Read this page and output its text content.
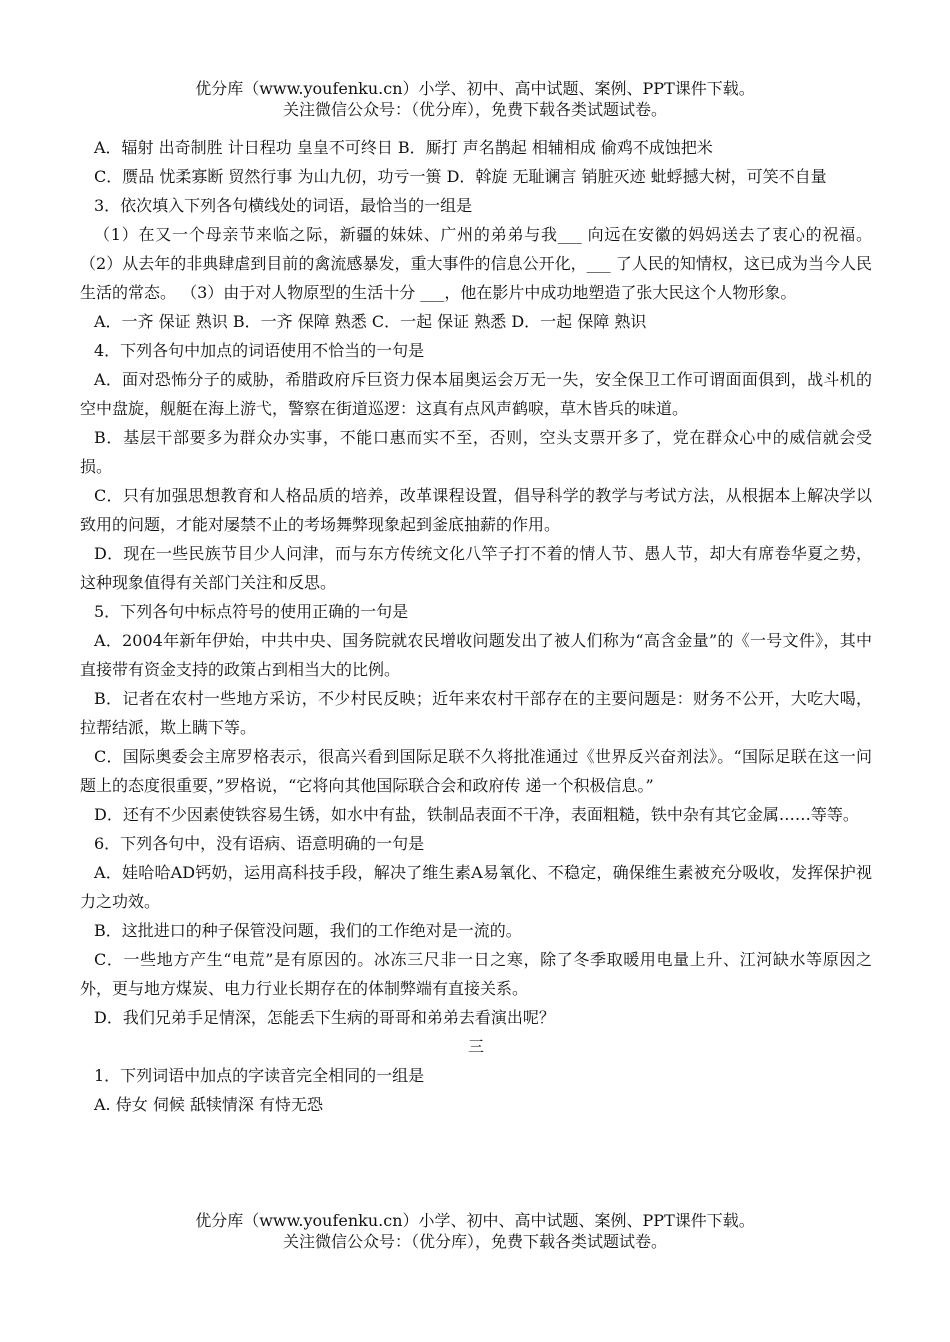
优分库（www.youfenku.cn）小学、初中、高中试题、案例、PPT课件下载。
关注微信公众号：（优分库），免费下载各类试题试卷。

A．辐射 出奇制胜 计日程功 皇皇不可终日 B．厮打 声名鹊起 相辅相成 偷鸡不成蚀把米

C．赝品 忧柔寡断 贸然行事 为山九仞，功亏一篑 D．斡旋 无耻谰言 销脏灭迹 蚍蜉撼大树，可笑不自量

3．依次填入下列各句横线处的词语，最恰当的一组是

（1）在又一个母亲节来临之际，新疆的妹妹、广州的弟弟与我___ 向远在安徽的妈妈送去了衷心的祝福。 （2）从去年的非典肆虐到目前的禽流感暴发，重大事件的信息公开化，___ 了人民的知情权，这已成为当今人民生活的常态。 （3）由于对人物原型的生活十分 ___，他在影片中成功地塑造了张大民这个人物形象。

A．一齐 保证 熟识 B．一齐 保障 熟悉 C．一起 保证 熟悉 D．一起 保障 熟识

4．下列各句中加点的词语使用不恰当的一句是

A．面对恐怖分子的威胁，希腊政府斥巨资力保本届奥运会万无一失，安全保卫工作可谓面面俱到，战斗机的空中盘旋，舰艇在海上游弋，警察在街道巡逻：这真有点风声鹤唳，草木皆兵的味道。

B．基层干部要多为群众办实事，不能口惠而实不至，否则，空头支票开多了，党在群众心中的威信就会受损。

C．只有加强思想教育和人格品质的培养，改革课程设置，倡导科学的教学与考试方法，从根据本上解决学以致用的问题，才能对屡禁不止的考场舞弊现象起到釜底抽薪的作用。

D．现在一些民族节目少人问津，而与东方传统文化八竿子打不着的情人节、愚人节，却大有席卷华夏之势，这种现象值得有关部门关注和反思。

5．下列各句中标点符号的使用正确的一句是

A．2004年新年伊始，中共中央、国务院就农民增收问题发出了被人们称为“高含金量”的《一号文件》，其中直接带有资金支持的政策占到相当大的比例。

B．记者在农村一些地方采访，不少村民反映；近年来农村干部存在的主要问题是：财务不公开，大吃大喝，拉帮结派，欺上瞒下等。

C．国际奥委会主席罗格表示，很高兴看到国际足联不久将批准通过《世界反兴奋剂法》。“国际足联在这一问题上的态度很重要，”罗格说，“它将向其他国际联合会和政府传 递一个积极信息。”

D．还有不少因素使铁容易生锈，如水中有盐，铁制品表面不干净，表面粗糙，铁中杂有其它金属……等等。

6．下列各句中，没有语病、语意明确的一句是

A．娃哈哈AD钙奶，运用高科技手段，解决了维生素A易氧化、不稳定，确保维生素被充分吸收，发挥保护视力之功效。

B．这批进口的种子保管没问题，我们的工作绝对是一流的。

C．一些地方产生“电荒”是有原因的。冰冻三尺非一日之寒，除了冬季取暖用电量上升、江河缺水等原因之外，更与地方煤炭、电力行业长期存在的体制弊端有直接关系。

D．我们兄弟手足情深，怎能丢下生病的哥哥和弟弟去看演出呢？

三

1．下列词语中加点的字读音完全相同的一组是

A. 侍女 伺候 舐犊情深 有恃无恐

优分库（www.youfenku.cn）小学、初中、高中试题、案例、PPT课件下载。
关注微信公众号：（优分库），免费下载各类试题试卷。
